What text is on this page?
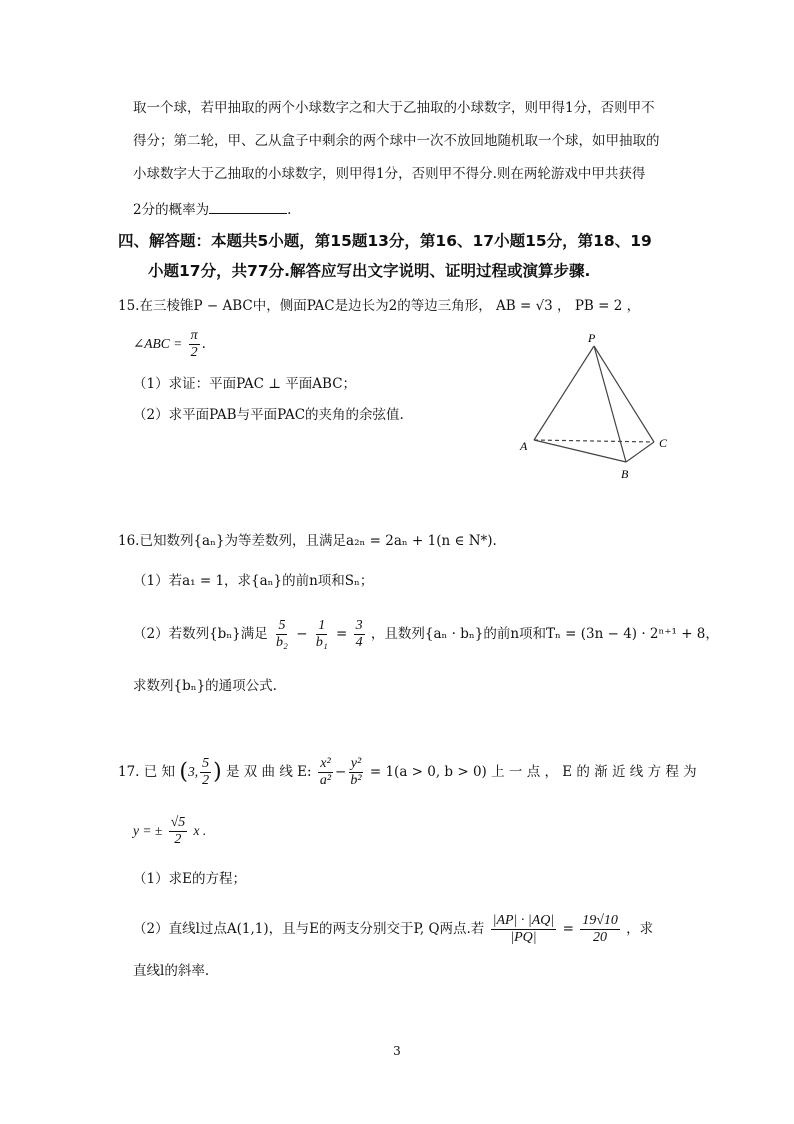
取一个球，若甲抽取的两个小球数字之和大于乙抽取的小球数字，则甲得1分，否则甲不
得分；第二轮，甲、乙从盒子中剩余的两个球中一次不放回地随机取一个球，如甲抽取的
小球数字大于乙抽取的小球数字，则甲得1分，否则甲不得分.则在两轮游戏中甲共获得
2分的概率为	.
四、解答题：本题共5小题，第15题13分，第16、17小题15分，第18、19
小题17分，共77分.解答应写出文字说明、证明过程或演算步骤.
15.在三棱锥P − ABC中，侧面PAC是边长为2的等边三角形， AB = √3 ， PB = 2 ，
∠ABC = $\frac{\pi}{2}$ .
（1）求证：平面PAC ⊥ 平面ABC；
（2）求平面PAB与平面PAC的夹角的余弦值.
P
A
B
C
16.已知数列{aₙ}为等差数列，且满足a₂ₙ = 2aₙ + 1(n ∈ N*).
（1）若a₁ = 1，求{aₙ}的前n项和Sₙ；
（2）若数列{bₙ}满足 $\frac{5}{\text{b₂}} - \frac{1}{\text{b₁}} = \frac{3}{4}$ ，且数列{aₙ · bₙ}的前n项和Tₙ = (3n − 4) · 2ⁿ⁺¹ + 8，
求数列{bₙ}的通项公式.
17. 已 知 (3, $\frac{5}{2}$ ) 是 双 曲 线 E: $\frac{\text{x²}}{\text{a²}} - \frac{\text{y²}}{\text{b²}} = 1(a > 0$, b > 0) 上 一 点 ， E 的 渐 近 线 方 程 为
y = ± $\frac{√5}{2}$ x .
（1）求E的方程；
（2）直线l过点A(1,1)，且与E的两支分别交于P, Q两点.若 $\frac{|AP| \cdot |AQ|}{|PQ|} = \frac{19√10}{20}$ ，求
直线l的斜率.
3
